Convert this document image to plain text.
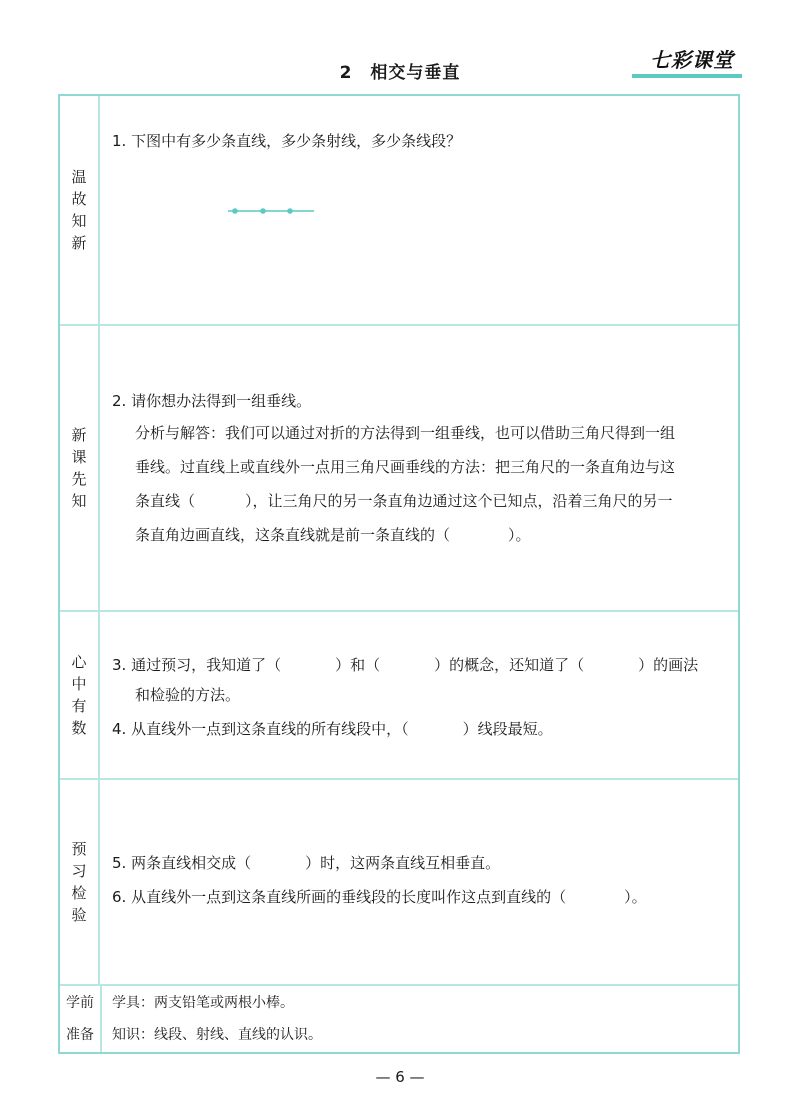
2　相交与垂直
七彩课堂
温故知新

1. 下图中有多少条直线，多少条射线，多少条线段？

新课先知

2. 请你想办法得到一组垂线。

分析与解答：我们可以通过对折的方法得到一组垂线，也可以借助三角尺得到一组

垂线。过直线上或直线外一点用三角尺画垂线的方法：把三角尺的一条直角边与这

条直线（	），让三角尺的另一条直角边通过这个已知点，沿着三角尺的另一

条直角边画直线，这条直线就是前一条直线的（	）。

心中有数

3. 通过预习，我知道了（	）和（	）的概念，还知道了（	）的画法

和检验的方法。

4. 从直线外一点到这条直线的所有线段中，（	）线段最短。

预习检验

5. 两条直线相交成（	）时，这两条直线互相垂直。

6. 从直线外一点到这条直线所画的垂线段的长度叫作这点到直线的（	）。

学前
准备
学具：两支铅笔或两根小棒。
知识：线段、射线、直线的认识。
— 6 —
